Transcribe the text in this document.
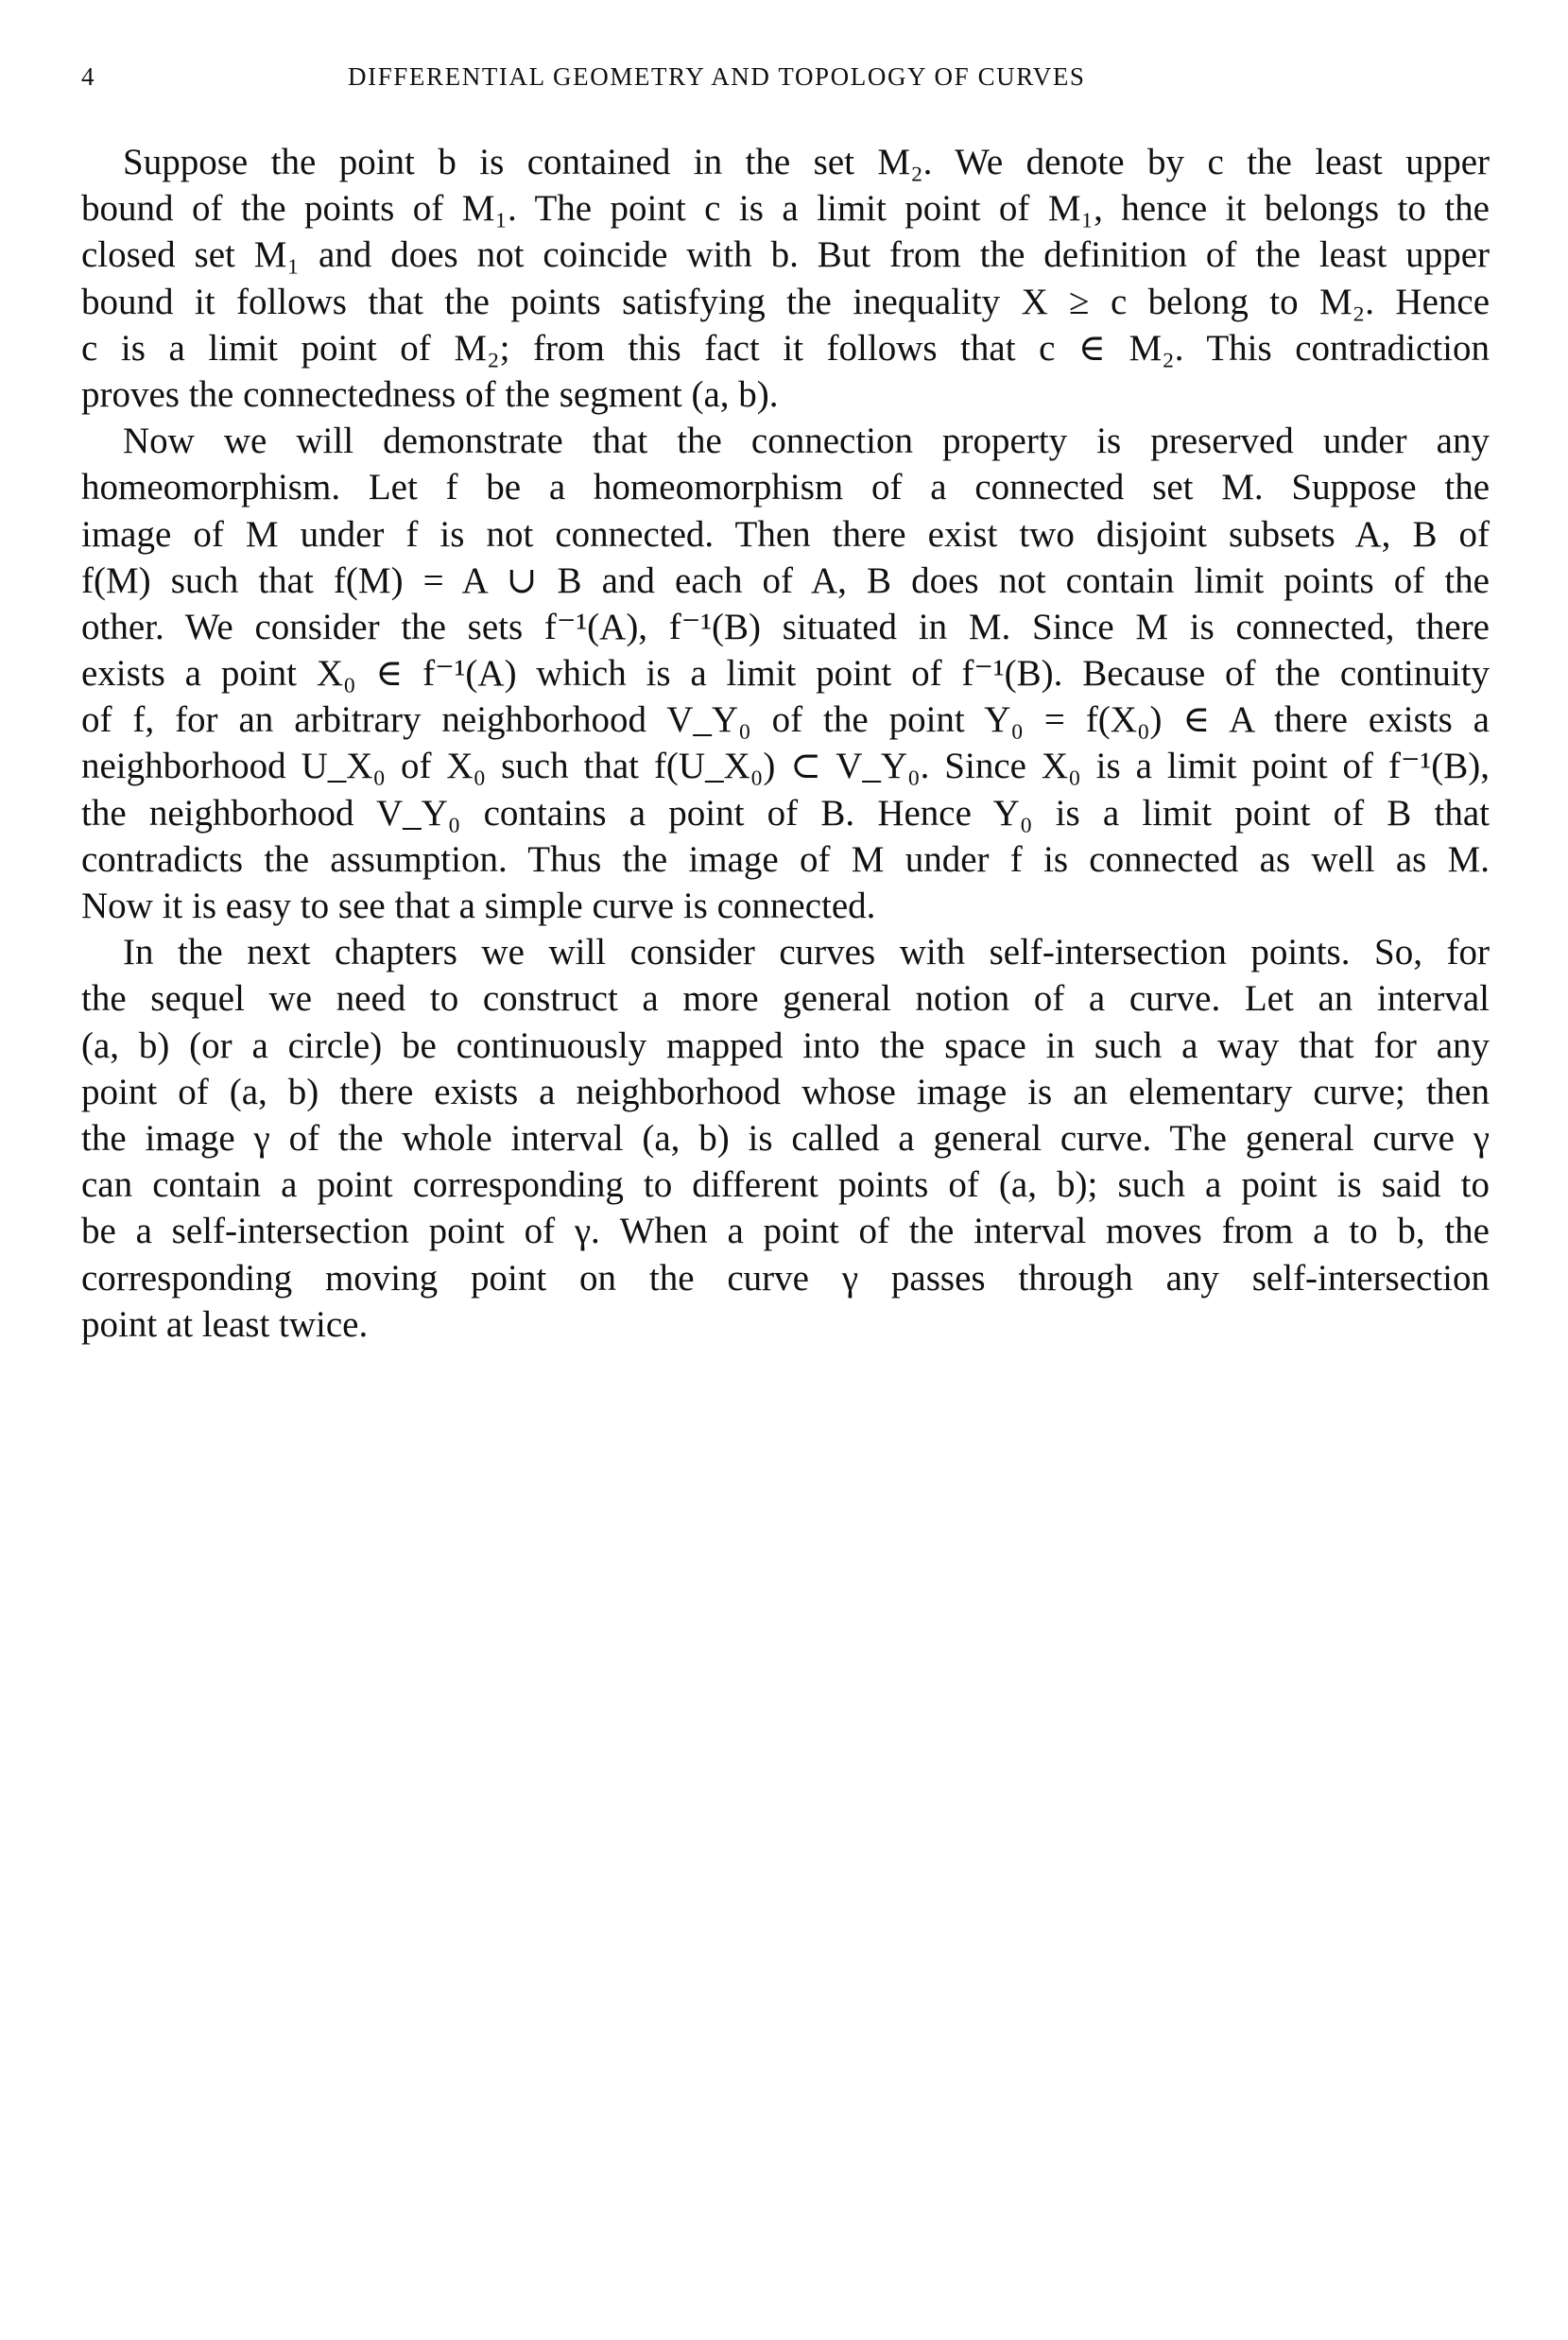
4	DIFFERENTIAL GEOMETRY AND TOPOLOGY OF CURVES
Suppose the point b is contained in the set M₂. We denote by c the least upper
bound of the points of M₁. The point c is a limit point of M₁, hence it belongs to the
closed set M₁ and does not coincide with b. But from the definition of the least upper
bound it follows that the points satisfying the inequality X ≥ c belong to M₂. Hence
c is a limit point of M₂; from this fact it follows that c ∈ M₂. This contradiction
proves the connectedness of the segment (a, b).
Now we will demonstrate that the connection property is preserved under any
homeomorphism. Let f be a homeomorphism of a connected set M. Suppose the
image of M under f is not connected. Then there exist two disjoint subsets A, B of
f(M) such that f(M) = A ∪ B and each of A, B does not contain limit points of the
other. We consider the sets f⁻¹(A), f⁻¹(B) situated in M. Since M is connected, there
exists a point X₀ ∈ f⁻¹(A) which is a limit point of f⁻¹(B). Because of the continuity
of f, for an arbitrary neighborhood V_Y₀ of the point Y₀ = f(X₀) ∈ A there exists a
neighborhood U_X₀ of X₀ such that f(U_X₀) ⊂ V_Y₀. Since X₀ is a limit point of f⁻¹(B),
the neighborhood V_Y₀ contains a point of B. Hence Y₀ is a limit point of B that
contradicts the assumption. Thus the image of M under f is connected as well as M.
Now it is easy to see that a simple curve is connected.
In the next chapters we will consider curves with self-intersection points. So, for
the sequel we need to construct a more general notion of a curve. Let an interval
(a, b) (or a circle) be continuously mapped into the space in such a way that for any
point of (a, b) there exists a neighborhood whose image is an elementary curve; then
the image γ of the whole interval (a, b) is called a general curve. The general curve γ
can contain a point corresponding to different points of (a, b); such a point is said to
be a self-intersection point of γ. When a point of the interval moves from a to b, the
corresponding moving point on the curve γ passes through any self-intersection
point at least twice.
